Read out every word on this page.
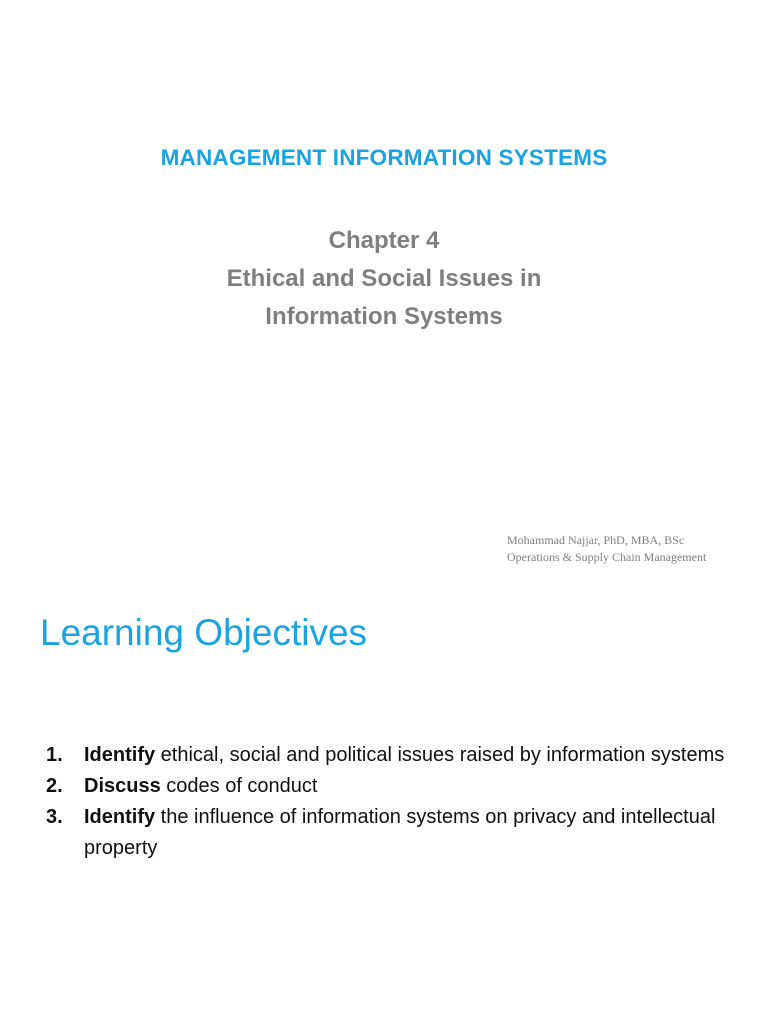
MANAGEMENT INFORMATION SYSTEMS
Chapter 4
Ethical and Social Issues in
Information Systems
Mohammad Najjar, PhD, MBA, BSc
Operations & Supply Chain Management
Learning Objectives
1. Identify ethical, social and political issues raised by information systems
2. Discuss codes of conduct
3. Identify the influence of information systems on privacy and intellectual property
